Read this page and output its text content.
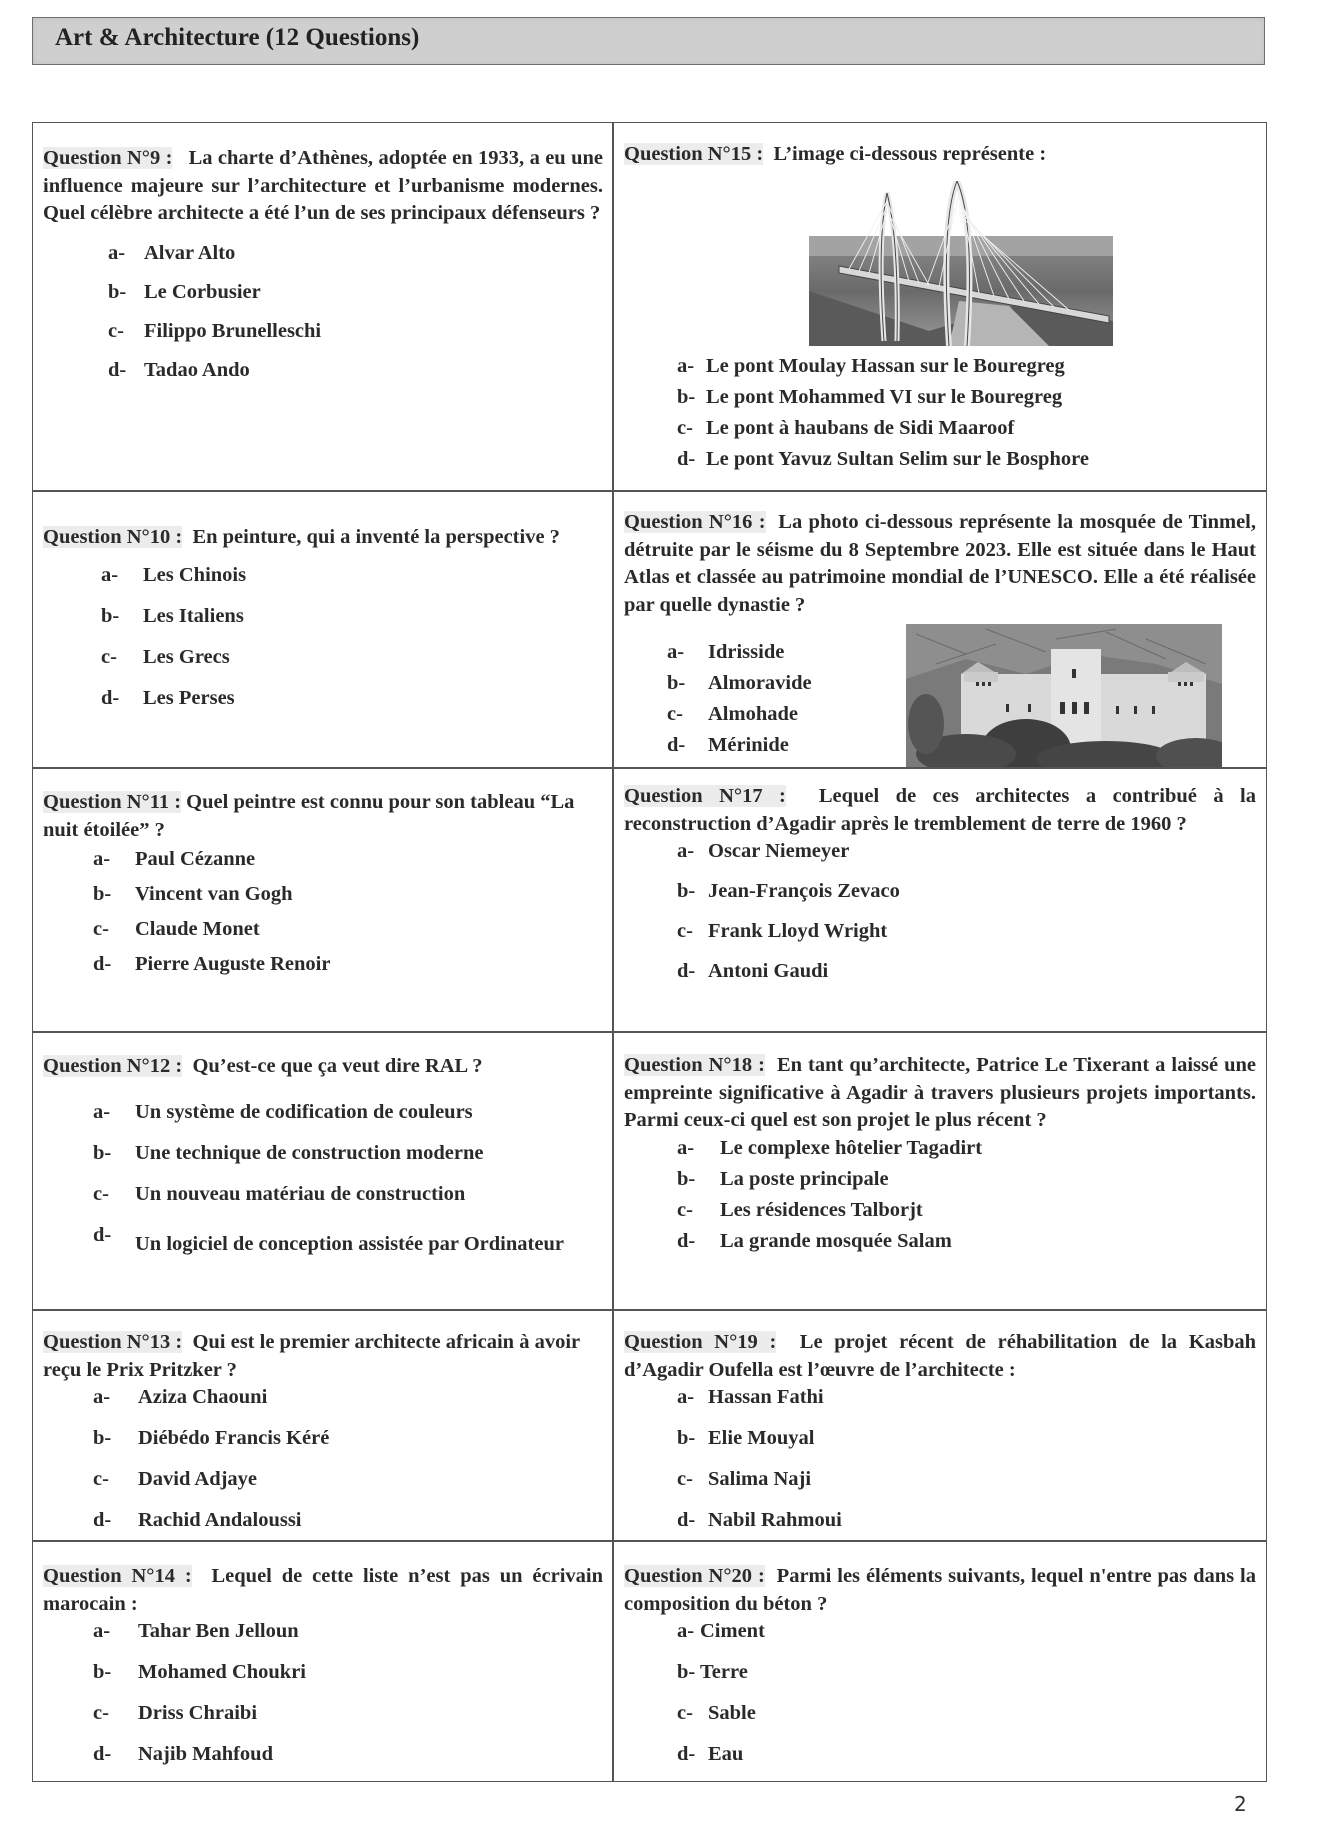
Art & Architecture (12 Questions)

Question N°9 : La charte d’Athènes, adoptée en 1933, a eu une influence majeure sur l’architecture et l’urbanisme modernes. Quel célèbre architecte a été l’un de ses principaux défenseurs ?

a- Alvar Alto
b- Le Corbusier
c- Filippo Brunelleschi
d- Tadao Ando

Question N°15 : L’image ci-dessous représente :

a- Le pont Moulay Hassan sur le Bouregreg
b- Le pont Mohammed VI sur le Bouregreg
c- Le pont à haubans de Sidi Maaroof
d- Le pont Yavuz Sultan Selim sur le Bosphore

Question N°10 : En peinture, qui a inventé la perspective ?

a- Les Chinois
b- Les Italiens
c- Les Grecs
d- Les Perses

Question N°16 : La photo ci-dessous représente la mosquée de Tinmel, détruite par le séisme du 8 Septembre 2023. Elle est située dans le Haut Atlas et classée au patrimoine mondial de l’UNESCO. Elle a été réalisée par quelle dynastie ?

a- Idrisside
b- Almoravide
c- Almohade
d- Mérinide

Question N°11 : Quel peintre est connu pour son tableau “La nuit étoilée” ?

a- Paul Cézanne
b- Vincent van Gogh
c- Claude Monet
d- Pierre Auguste Renoir

Question N°17 : Lequel de ces architectes a contribué à la reconstruction d’Agadir après le tremblement de terre de 1960 ?

a- Oscar Niemeyer
b- Jean-François Zevaco
c- Frank Lloyd Wright
d- Antoni Gaudi

Question N°12 : Qu’est-ce que ça veut dire RAL ?

a- Un système de codification de couleurs
b- Une technique de construction moderne
c- Un nouveau matériau de construction
d- Un logiciel de conception assistée par Ordinateur

Question N°18 : En tant qu’architecte, Patrice Le Tixerant a laissé une empreinte significative à Agadir à travers plusieurs projets importants. Parmi ceux-ci quel est son projet le plus récent ?

a- Le complexe hôtelier Tagadirt
b- La poste principale
c- Les résidences Talborjt
d- La grande mosquée Salam

Question N°13 : Qui est le premier architecte africain à avoir reçu le Prix Pritzker ?

a- Aziza Chaouni
b- Diébédo Francis Kéré
c- David Adjaye
d- Rachid Andaloussi

Question N°19 : Le projet récent de réhabilitation de la Kasbah d’Agadir Oufella est l’œuvre de l’architecte :

a- Hassan Fathi
b- Elie Mouyal
c- Salima Naji
d- Nabil Rahmoui

Question N°14 : Lequel de cette liste n’est pas un écrivain marocain :

a- Tahar Ben Jelloun
b- Mohamed Choukri
c- Driss Chraibi
d- Najib Mahfoud

Question N°20 : Parmi les éléments suivants, lequel n'entre pas dans la composition du béton ?

a- Ciment
b- Terre
c- Sable
d- Eau
2
